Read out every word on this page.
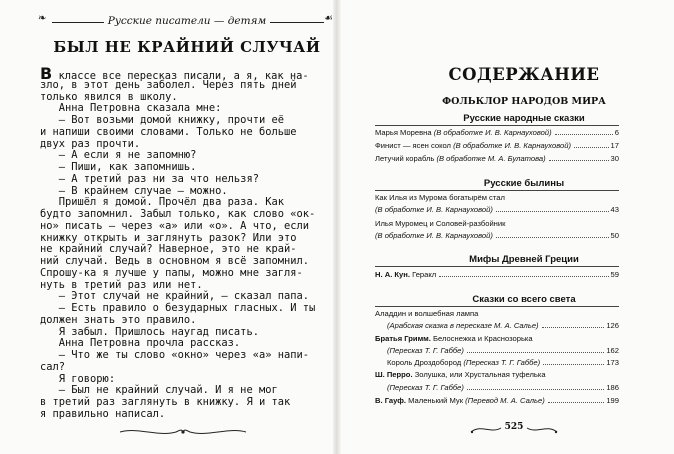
❧	☙
Русские писатели — детям
БЫЛ НЕ КРАЙНИЙ СЛУЧАЙ
В классе все пересказ писали, а я, как на-
зло, в этот день заболел. Через пять дней
только явился в школу.
Анна Петровна сказала мне:
— Вот возьми домой книжку, прочти её
и напиши своими словами. Только не больше
двух раз прочти.
— А если я не запомню?
— Пиши, как запомнишь.
— А третий раз ни за что нельзя?
— В крайнем случае — можно.
Пришёл я домой. Прочёл два раза. Как
будто запомнил. Забыл только, как слово «ок-
но» писать — через «а» или «о». А что, если
книжку открыть и заглянуть разок? Или это
не крайний случай? Наверное, это не край-
ний случай. Ведь в основном я всё запомнил.
Спрошу-ка я лучше у папы, можно мне загля-
нуть в третий раз или нет.
— Этот случай не крайний, — сказал папа.
— Есть правило о безударных гласных. И ты
должен знать это правило.
Я забыл. Пришлось наугад писать.
Анна Петровна прочла рассказ.
— Что же ты слово «окно» через «а» напи-
сал?
Я говорю:
— Был не крайний случай. И я не мог
в третий раз заглянуть в книжку. Я и так
я правильно написал.
СОДЕРЖАНИЕ
ФОЛЬКЛОР НАРОДОВ МИРА
Русские народные сказки
Марья Моревна (В обработке И. В. Карнауховой)	6
Финист — ясен сокол (В обработке И. В. Карнауховой)	17
Летучий корабль (В обработке М. А. Булатова)	30
Русские былины
Как Илья из Мурома богатырём стал
(В обработке И. В. Карнауховой)	43
Илья Муромец и Соловей-разбойник
(В обработке И. В. Карнауховой)	50
Мифы Древней Греции
Н. А. Кун. Геракл	59
Сказки со всего света
Аладдин и волшебная лампа
(Арабская сказка в пересказе М. А. Салье)	126
Братья Гримм. Белоснежка и Краснозорька
(Пересказ Т. Г. Габбе)	162
Король Дроздобород (Пересказ Т. Г. Габбе)	173
Ш. Перро. Золушка, или Хрустальная туфелька
(Пересказ Т. Г. Габбе)	186
В. Гауф. Маленький Мук (Перевод М. А. Салье)	199
525
